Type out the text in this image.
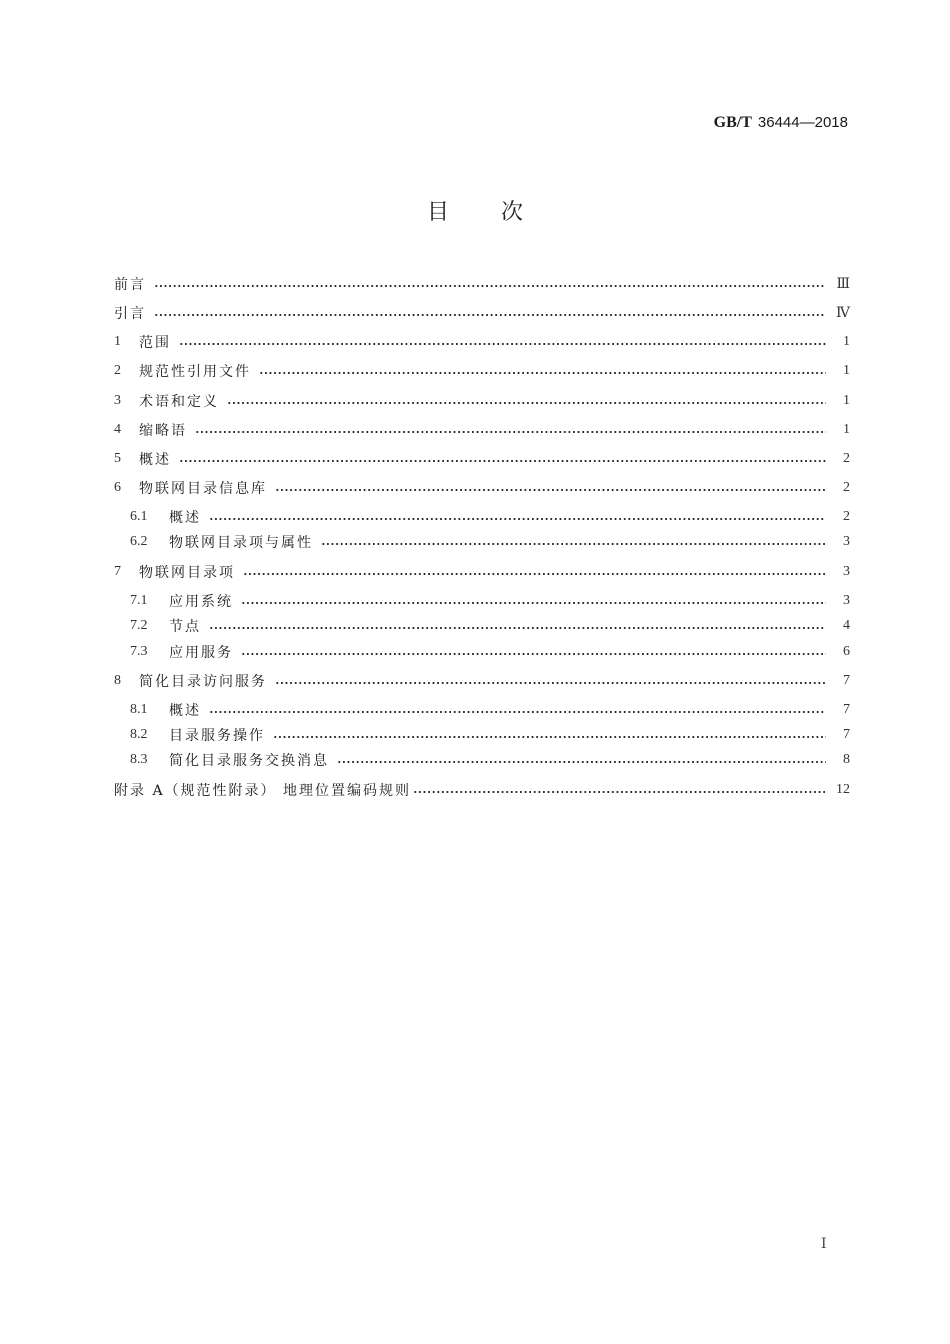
GB/T 36444—2018
目 次
前言	Ⅲ
引言	Ⅳ
1	范围	1
2	规范性引用文件	1
3	术语和定义	1
4	缩略语	1
5	概述	2
6	物联网目录信息库	2
6.1	概述	2
6.2	物联网目录项与属性	3
7	物联网目录项	3
7.1	应用系统	3
7.2	节点	4
7.3	应用服务	6
8	简化目录访问服务	7
8.1	概述	7
8.2	目录服务操作	7
8.3	简化目录服务交换消息	8
附录 A（规范性附录） 地理位置编码规则	12
Ⅰ
